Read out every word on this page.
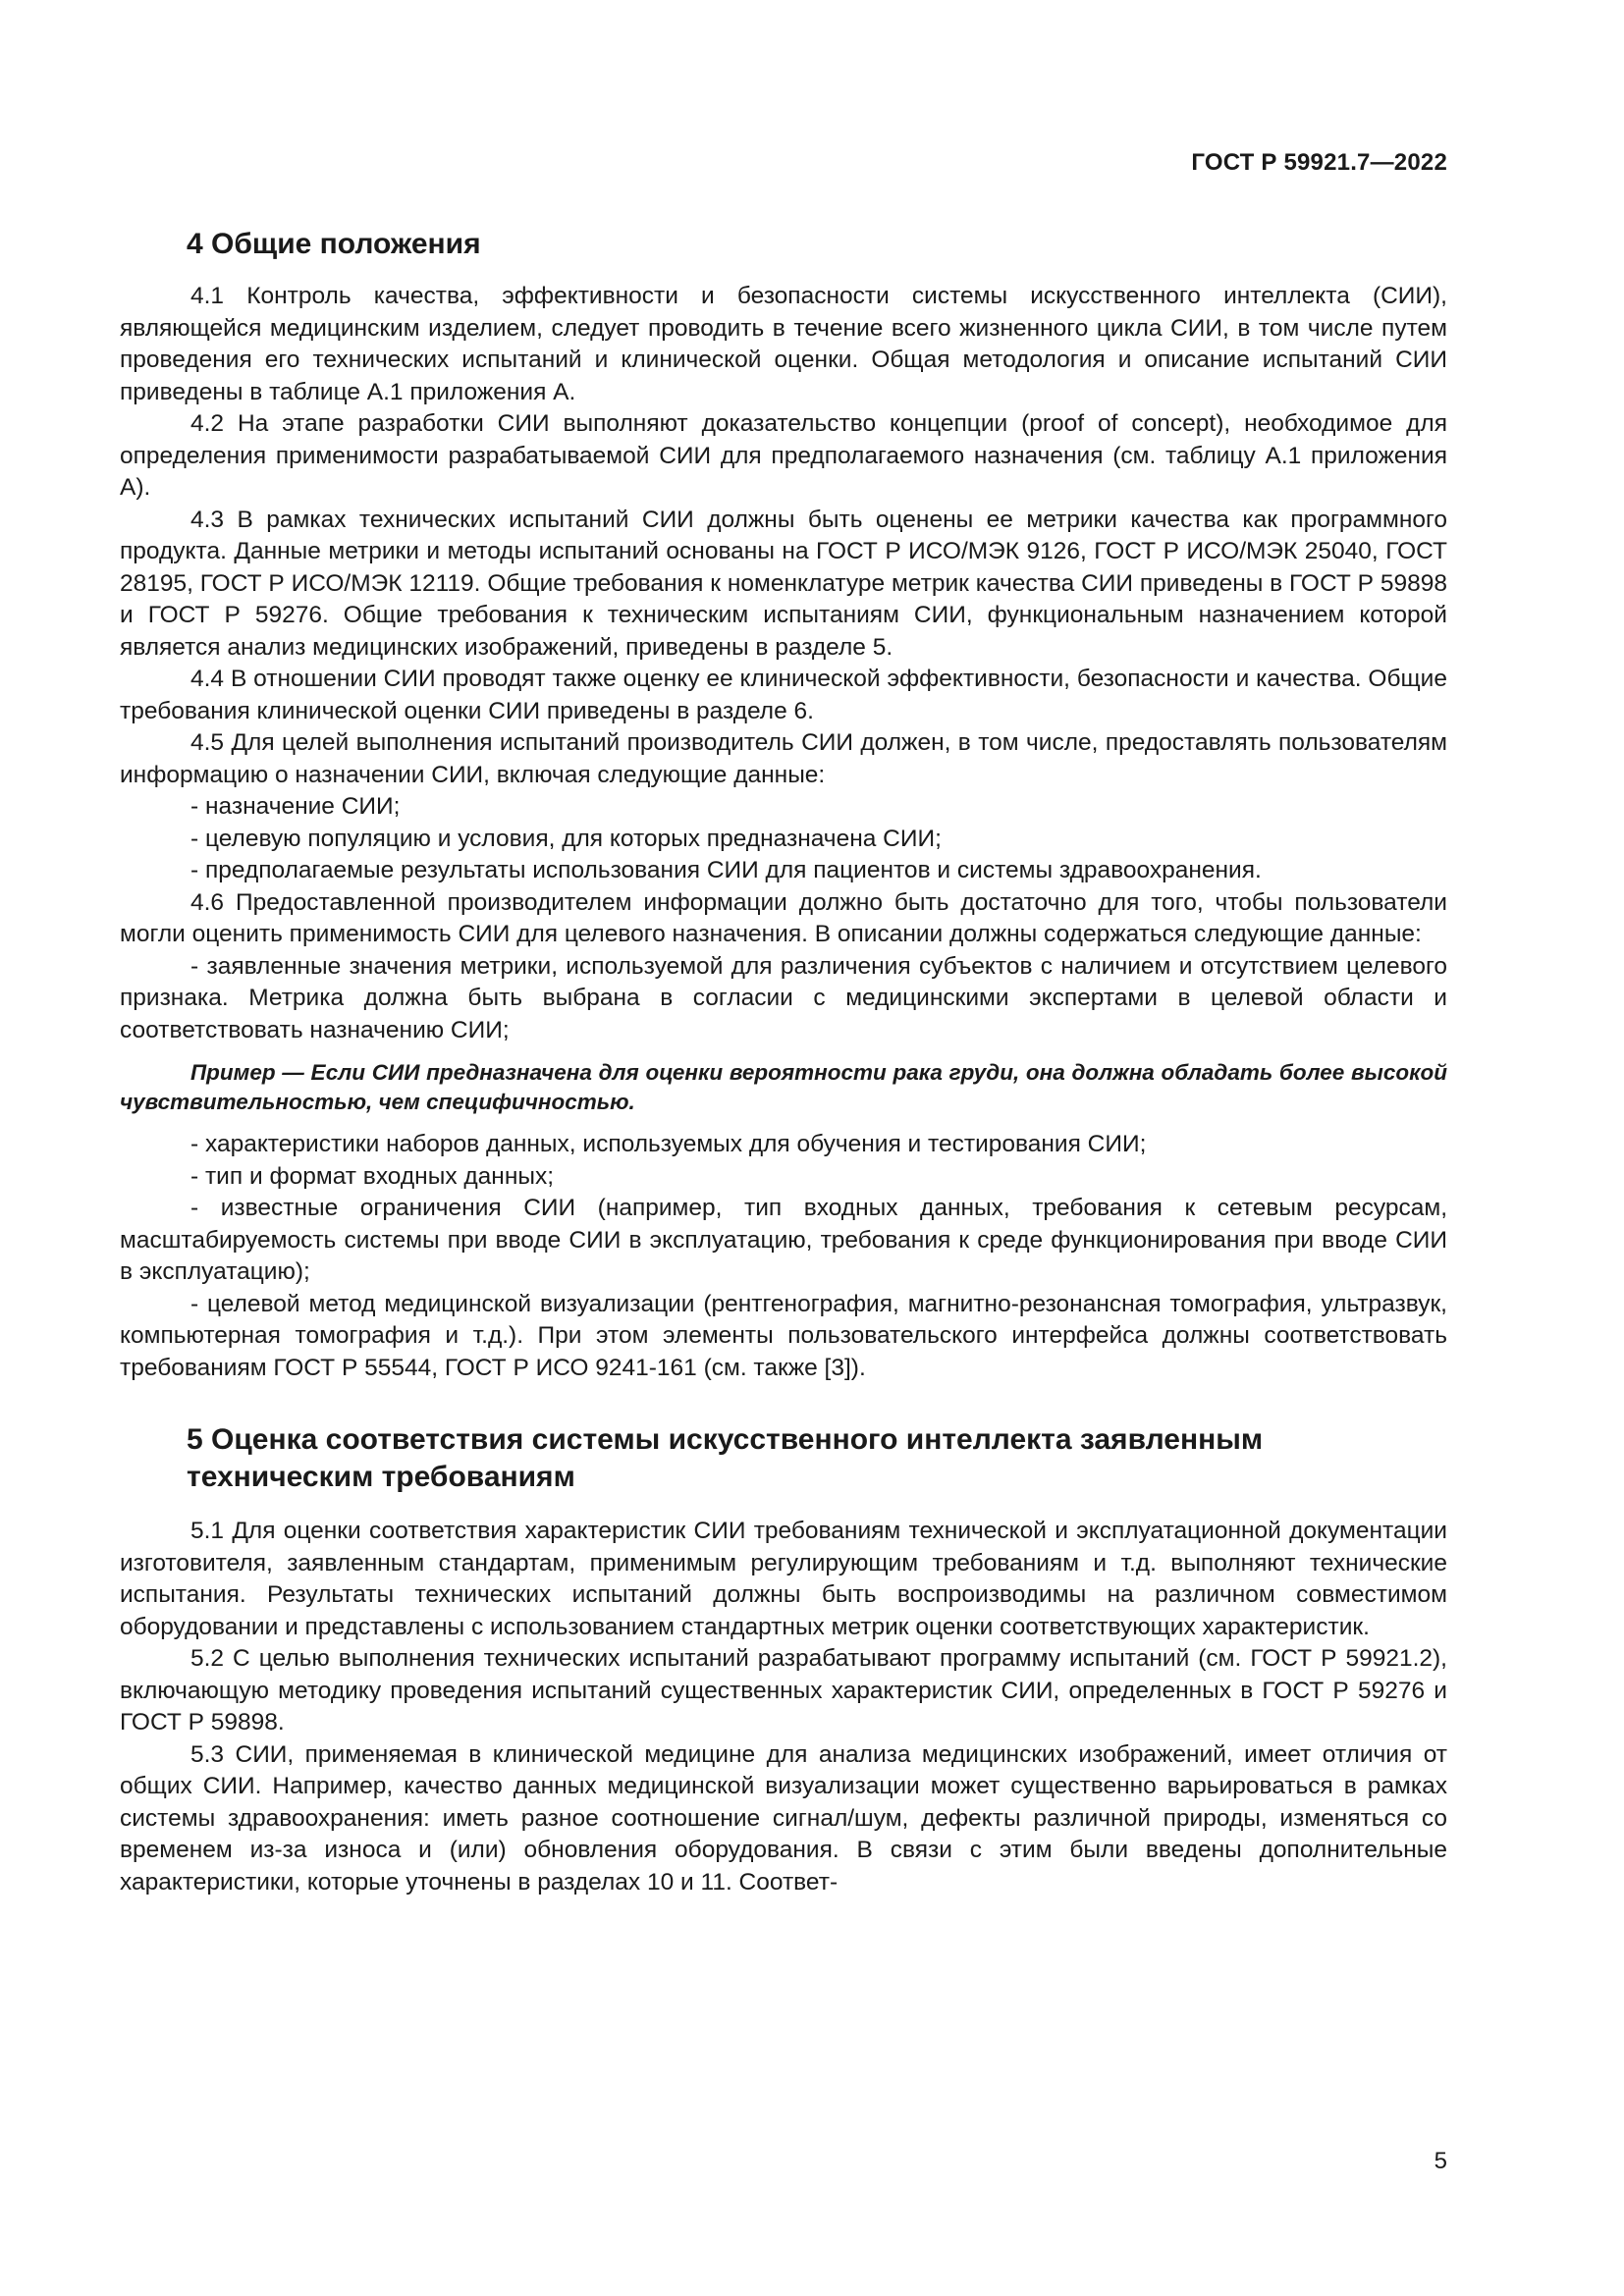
ГОСТ Р 59921.7—2022
4 Общие положения

4.1 Контроль качества, эффективности и безопасности системы искусственного интеллекта (СИИ), являющейся медицинским изделием, следует проводить в течение всего жизненного цикла СИИ, в том числе путем проведения его технических испытаний и клинической оценки. Общая методология и описание испытаний СИИ приведены в таблице А.1 приложения А.

4.2 На этапе разработки СИИ выполняют доказательство концепции (proof of concept), необходимое для определения применимости разрабатываемой СИИ для предполагаемого назначения (см. таблицу А.1 приложения А).

4.3 В рамках технических испытаний СИИ должны быть оценены ее метрики качества как программного продукта. Данные метрики и методы испытаний основаны на ГОСТ Р ИСО/МЭК 9126, ГОСТ Р ИСО/МЭК 25040, ГОСТ 28195, ГОСТ Р ИСО/МЭК 12119. Общие требования к номенклатуре метрик качества СИИ приведены в ГОСТ Р 59898 и ГОСТ Р 59276. Общие требования к техническим испытаниям СИИ, функциональным назначением которой является анализ медицинских изображений, приведены в разделе 5.

4.4 В отношении СИИ проводят также оценку ее клинической эффективности, безопасности и качества. Общие требования клинической оценки СИИ приведены в разделе 6.

4.5 Для целей выполнения испытаний производитель СИИ должен, в том числе, предоставлять пользователям информацию о назначении СИИ, включая следующие данные:

- назначение СИИ;

- целевую популяцию и условия, для которых предназначена СИИ;

- предполагаемые результаты использования СИИ для пациентов и системы здравоохранения.

4.6 Предоставленной производителем информации должно быть достаточно для того, чтобы пользователи могли оценить применимость СИИ для целевого назначения. В описании должны содержаться следующие данные:

- заявленные значения метрики, используемой для различения субъектов с наличием и отсутствием целевого признака. Метрика должна быть выбрана в согласии с медицинскими экспертами в целевой области и соответствовать назначению СИИ;

Пример — Если СИИ предназначена для оценки вероятности рака груди, она должна обладать более высокой чувствительностью, чем специфичностью.

- характеристики наборов данных, используемых для обучения и тестирования СИИ;

- тип и формат входных данных;

- известные ограничения СИИ (например, тип входных данных, требования к сетевым ресурсам, масштабируемость системы при вводе СИИ в эксплуатацию, требования к среде функционирования при вводе СИИ в эксплуатацию);

- целевой метод медицинской визуализации (рентгенография, магнитно-резонансная томография, ультразвук, компьютерная томография и т.д.). При этом элементы пользовательского интерфейса должны соответствовать требованиям ГОСТ Р 55544, ГОСТ Р ИСО 9241-161 (см. также [3]).

5 Оценка соответствия системы искусственного интеллекта заявленным
техническим требованиям

5.1 Для оценки соответствия характеристик СИИ требованиям технической и эксплуатационной документации изготовителя, заявленным стандартам, применимым регулирующим требованиям и т.д. выполняют технические испытания. Результаты технических испытаний должны быть воспроизводимы на различном совместимом оборудовании и представлены с использованием стандартных метрик оценки соответствующих характеристик.

5.2 С целью выполнения технических испытаний разрабатывают программу испытаний (см. ГОСТ Р 59921.2), включающую методику проведения испытаний существенных характеристик СИИ, определенных в ГОСТ Р 59276 и ГОСТ Р 59898.

5.3 СИИ, применяемая в клинической медицине для анализа медицинских изображений, имеет отличия от общих СИИ. Например, качество данных медицинской визуализации может существенно варьироваться в рамках системы здравоохранения: иметь разное соотношение сигнал/шум, дефекты различной природы, изменяться со временем из-за износа и (или) обновления оборудования. В связи с этим были введены дополнительные характеристики, которые уточнены в разделах 10 и 11. Соответ-

5
